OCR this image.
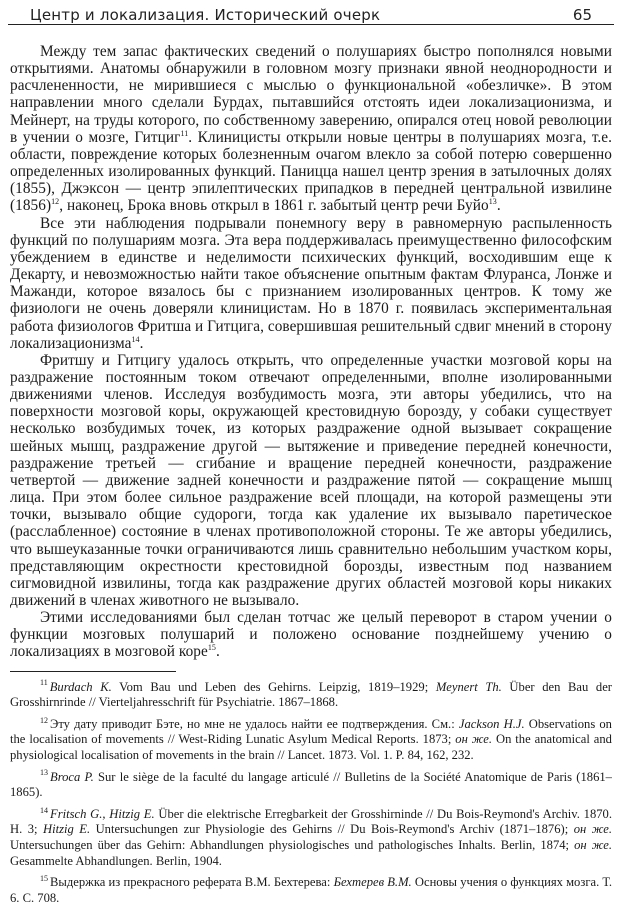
Центр и локализация. Исторический очерк	65

Между тем запас фактических сведений о полушариях быстро пополнялся новыми открытиями. Анатомы обнаружили в головном мозгу признаки явной неоднородности и расчлененности, не мирившиеся с мыслью о функциональной «обезличке». В этом направлении много сделали Бурдах, пытавшийся отстоять идеи локализационизма, и Мейнерт, на труды которого, по собственному заверению, опирался отец новой революции в учении о мозге, Гитциг$^{11}$. Клиницисты открыли новые центры в полушариях мозга, т.е. области, повреждение которых болезненным очагом влекло за собой потерю совершенно определенных изолированных функций. Паницца нашел центр зрения в затылочных долях (1855), Джэксон — центр эпилептических припадков в передней центральной извилине (1856)$^{12}$, наконец, Брока вновь открыл в 1861 г. забытый центр речи Буйо$^{13}$.

Все эти наблюдения подрывали понемногу веру в равномерную распыленность функций по полушариям мозга. Эта вера поддерживалась преимущественно философским убеждением в единстве и неделимости психических функций, восходившим еще к Декарту, и невозможностью найти такое объяснение опытным фактам Флуранса, Лонже и Мажанди, которое вязалось бы с признанием изолированных центров. К тому же физиологи не очень доверяли клиницистам. Но в 1870 г. появилась экспериментальная работа физиологов Фритша и Гитцига, совершившая решительный сдвиг мнений в сторону локализационизма$^{14}$.

Фритшу и Гитцигу удалось открыть, что определенные участки мозговой коры на раздражение постоянным током отвечают определенными, вполне изолированными движениями членов. Исследуя возбудимость мозга, эти авторы убедились, что на поверхности мозговой коры, окружающей крестовидную борозду, у собаки существует несколько возбудимых точек, из которых раздражение одной вызывает сокращение шейных мышц, раздражение другой — вытяжение и приведение передней конечности, раздражение третьей — сгибание и вращение передней конечности, раздражение четвертой — движение задней конечности и раздражение пятой — сокращение мышц лица. При этом более сильное раздражение всей площади, на которой размещены эти точки, вызывало общие судороги, тогда как удаление их вызывало паретическое (расслабленное) состояние в членах противоположной стороны. Те же авторы убедились, что вышеуказанные точки ограничиваются лишь сравнительно небольшим участком коры, представляющим окрестности крестовидной борозды, известным под названием сигмовидной извилины, тогда как раздражение других областей мозговой коры никаких движений в членах животного не вызывало.

Этими исследованиями был сделан тотчас же целый переворот в старом учении о функции мозговых полушарий и положено основание позднейшему учению о локализациях в мозговой коре$^{15}$.

$^{11}$ Burdach K. Vom Bau und Leben des Gehirns. Leipzig, 1819–1929; Meynert Th. Über den Bau der Grosshirnrinde // Vierteljahresschrift für Psychiatrie. 1867–1868.

$^{12}$ Эту дату приводит Бэте, но мне не удалось найти ее подтверждения. См.: Jackson H.J. Observations on the localisation of movements // West-Riding Lunatic Asylum Medical Reports. 1873; он же. On the anatomical and physiological localisation of movements in the brain // Lancet. 1873. Vol. 1. P. 84, 162, 232.

$^{13}$ Broca P. Sur le siège de la faculté du langage articulé // Bulletins de la Société Anatomique de Paris (1861–1865).

$^{14}$ Fritsch G., Hitzig E. Über die elektrische Erregbarkeit der Grosshirninde // Du Bois-Reymond's Archiv. 1870. H. 3; Hitzig E. Untersuchungen zur Physiologie des Gehirns // Du Bois-Reymond's Archiv (1871–1876); он же. Untersuchungen über das Gehirn: Abhandlungen physiologisches und pathologisches Inhalts. Berlin, 1874; он же. Gesammelte Abhandlungen. Berlin, 1904.

$^{15}$ Выдержка из прекрасного реферата В.М. Бехтерева: Бехтерев В.М. Основы учения о функциях мозга. Т. 6. С. 708.
